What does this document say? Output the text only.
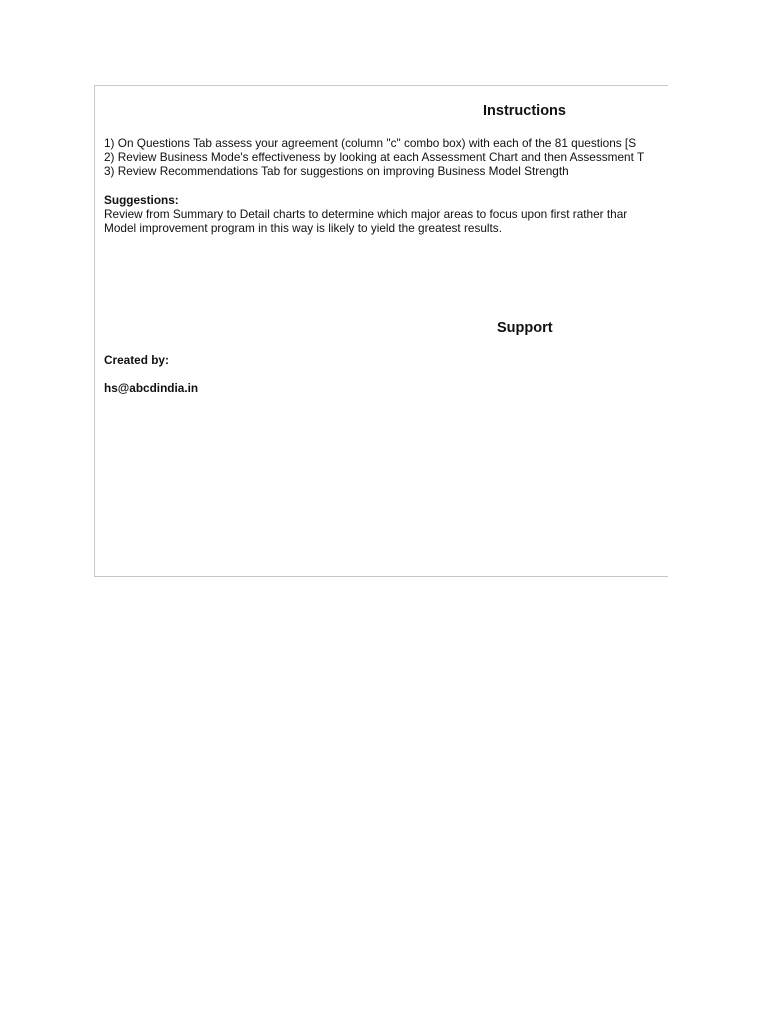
Instructions
1) On Questions Tab assess your agreement (column "c" combo box) with each of the 81 questions [S
2) Review Business Mode's effectiveness by looking at each Assessment Chart and then Assessment T
3) Review Recommendations Tab for suggestions on improving Business Model Strength
Suggestions:
Review from Summary to Detail charts to determine which major areas to focus upon first rather thar
Model improvement program in this way is likely to yield the greatest results.
Support
Created by:
hs@abcdindia.in
